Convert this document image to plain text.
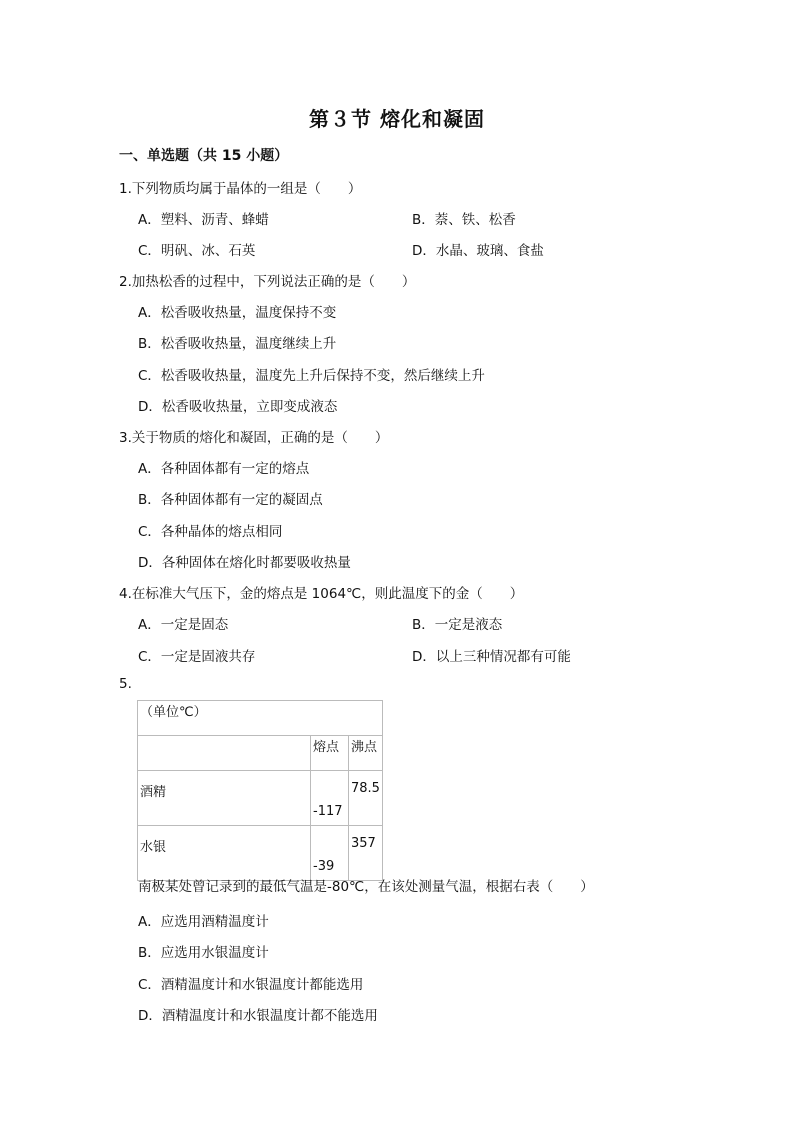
第３节 熔化和凝固
一、单选题（共 15 小题）
1.下列物质均属于晶体的一组是（　　）
A．塑料、沥青、蜂蜡	B．萘、铁、松香
C．明矾、冰、石英	D．水晶、玻璃、食盐
2.加热松香的过程中，下列说法正确的是（　　）
A．松香吸收热量，温度保持不变
B．松香吸收热量，温度继续上升
C．松香吸收热量，温度先上升后保持不变，然后继续上升
D．松香吸收热量，立即变成液态
3.关于物质的熔化和凝固，正确的是（　　）
A．各种固体都有一定的熔点
B．各种固体都有一定的凝固点
C．各种晶体的熔点相同
D．各种固体在熔化时都要吸收热量
4.在标准大气压下，金的熔点是 1064℃，则此温度下的金（　　）
A．一定是固态	B．一定是液态
C．一定是固液共存	D．以上三种情况都有可能
5.
（单位℃）		
	熔点	沸点
酒精	-117	78.5
水银	-39	357
南极某处曾记录到的最低气温是-80℃，在该处测量气温，根据右表（　　）
A．应选用酒精温度计
B．应选用水银温度计
C．酒精温度计和水银温度计都能选用
D．酒精温度计和水银温度计都不能选用
